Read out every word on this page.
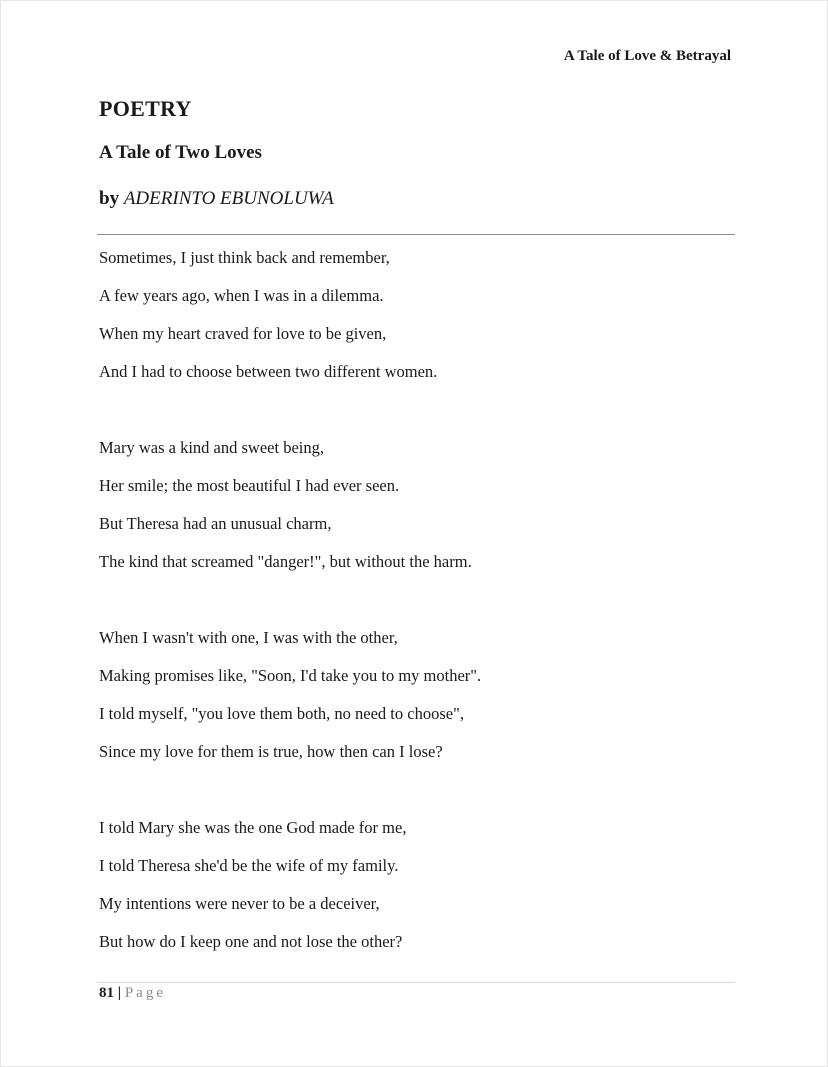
A Tale of Love & Betrayal
POETRY
A Tale of Two Loves

by ADERINTO EBUNOLUWA

Sometimes, I just think back and remember,
A few years ago, when I was in a dilemma.
When my heart craved for love to be given,
And I had to choose between two different women.
Mary was a kind and sweet being,
Her smile; the most beautiful I had ever seen.
But Theresa had an unusual charm,
The kind that screamed "danger!", but without the harm.
When I wasn't with one, I was with the other,
Making promises like, "Soon, I'd take you to my mother".
I told myself, "you love them both, no need to choose",
Since my love for them is true, how then can I lose?
I told Mary she was the one God made for me,
I told Theresa she'd be the wife of my family.
My intentions were never to be a deceiver,
But how do I keep one and not lose the other?
81 | Page
